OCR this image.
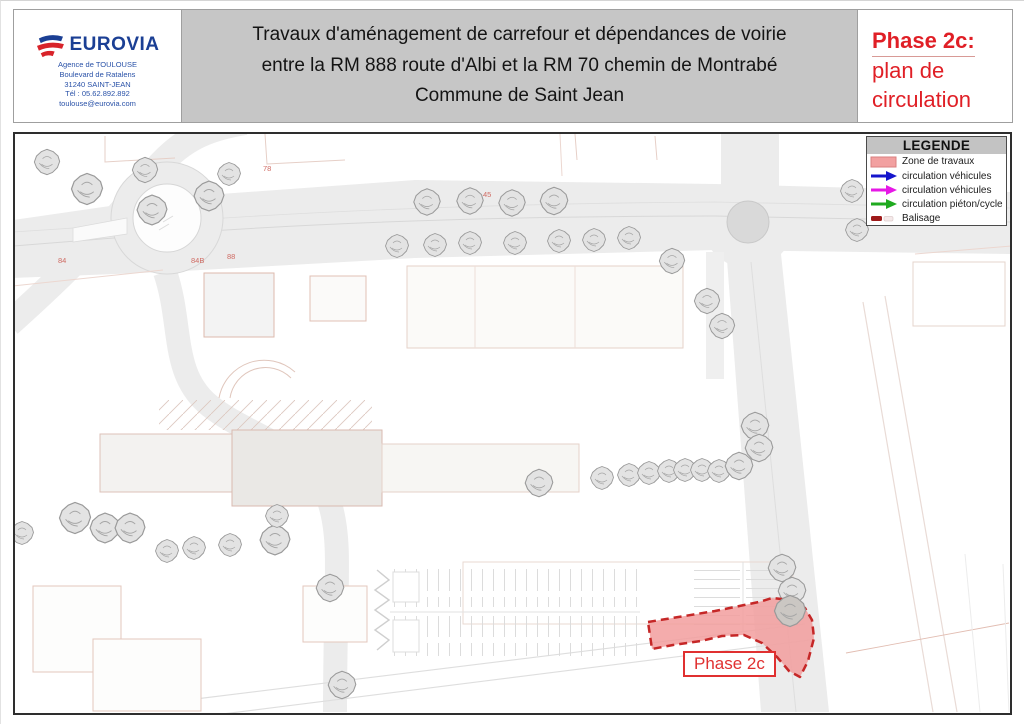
EUROVIA
Agence de TOULOUSE
Boulevard de Ratalens
31240 SAINT-JEAN
Tél : 05.62.892.892
toulouse@eurovia.com
Travaux d'aménagement de carrefour et dépendances de voirie
entre la RM 888 route d'Albi et la RM 70 chemin de Montrabé
Commune de Saint Jean
Phase 2c:
plan de
circulation
84	84B	88
78
45
Phase 2c
LEGENDE
Zone de travaux
circulation véhicules
circulation véhicules
circulation piéton/cycle
Balisage
